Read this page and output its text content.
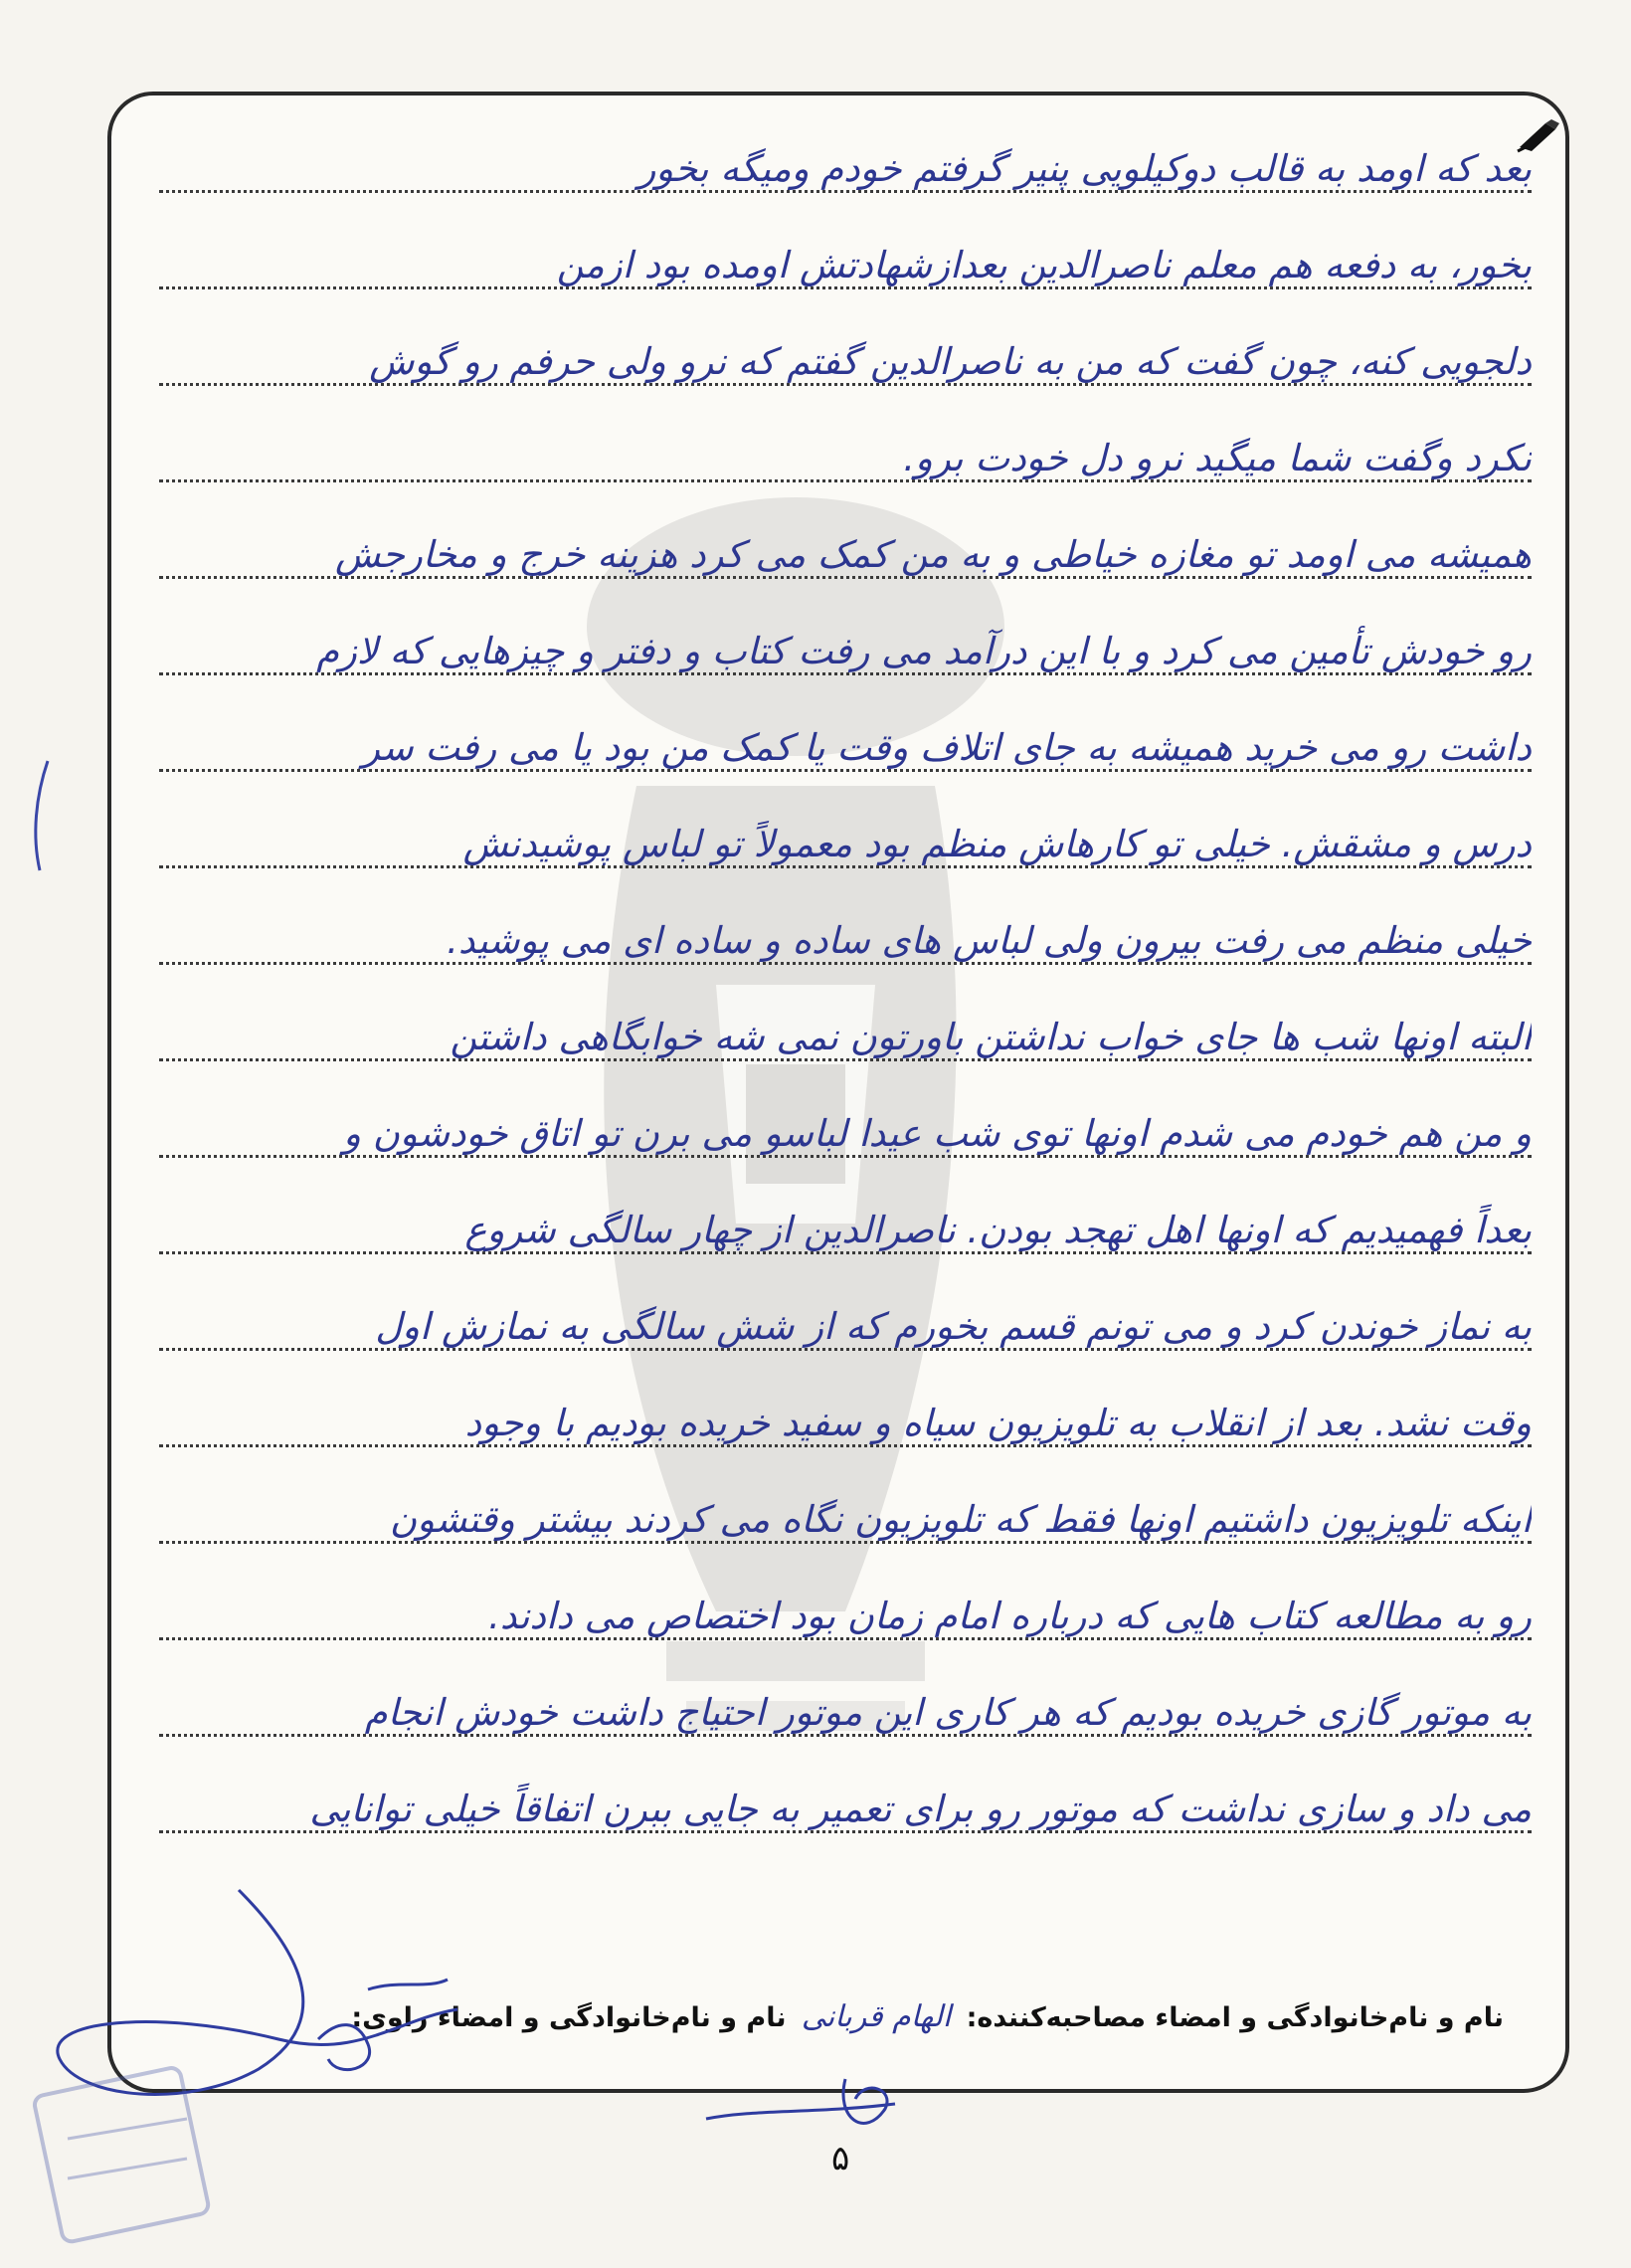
بعد که اومد به قالب دوکیلویی پنیر گرفتم خودم ومیگه بخور
بخور، به دفعه هم معلم ناصرالدین بعدازشهادتش اومده بود ازمن
دلجویی کنه، چون گفت که من به ناصرالدین گفتم که نرو ولی حرفم رو گوش
نکرد وگفت شما میگید نرو دل خودت برو.
همیشه می اومد تو مغازه خیاطی و به من کمک می کرد هزینه خرج و مخارجش
رو خودش تأمین می کرد و با این درآمد می رفت کتاب و دفتر و چیزهایی که لازم
داشت رو می خرید همیشه به جای اتلاف وقت یا کمک من بود یا می رفت سر
درس و مشقش. خیلی تو کارهاش منظم بود معمولاً تو لباس پوشیدنش
خیلی منظم می رفت بیرون ولی لباس های ساده و ساده ای می پوشید.
البته اونها شب ها جای خواب نداشتن باورتون نمی شه خوابگاهی داشتن
و من هم خودم می شدم اونها توی شب عیدا لباسو می برن تو اتاق خودشون و
بعداً فهمیدیم که اونها اهل تهجد بودن. ناصرالدین از چهار سالگی شروع
به نماز خوندن کرد و می تونم قسم بخورم که از شش سالگی به نمازش اول
وقت نشد. بعد از انقلاب به تلویزیون سیاه و سفید خریده بودیم با وجود
اینکه تلویزیون داشتیم اونها فقط که تلویزیون نگاه می کردند بیشتر وقتشون
رو به مطالعه کتاب هایی که درباره امام زمان بود اختصاص می دادند.
به موتور گازی خریده بودیم که هر کاری این موتور احتیاج داشت خودش انجام
می داد و سازی نداشت که موتور رو برای تعمیر به جایی ببرن اتفاقاً خیلی توانایی
نام و نام‌خانوادگی و امضاء مصاحبه‌کننده: الهام قربانی نام و نام‌خانوادگی و امضاء راوی:
۵
